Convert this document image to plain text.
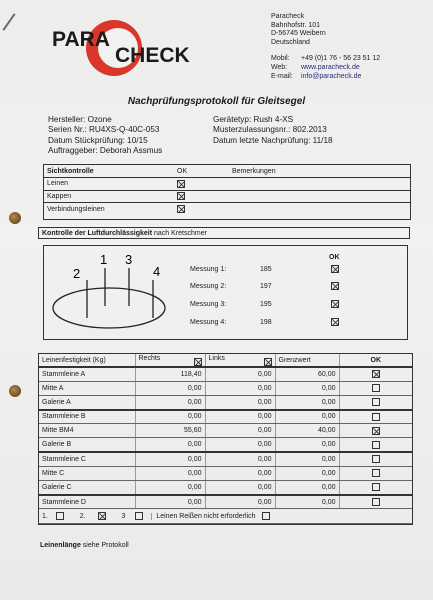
PARA
CHECK
Paracheck
Bahnhofstr. 101
D-56745 Weibern
Deutschland
Mobil: +49 (0)1 76 - 56 23 51 12
Web: www.paracheck.de
E-mail: info@paracheck.de
Nachprüfungsprotokoll für Gleitsegel
Hersteller: Ozone
Serien Nr.: RU4XS-Q-40C-053
Datum Stückprüfung: 10/15
Auftraggeber: Deborah Assmus
Gerätetyp: Rush 4-XS
Musterzulassungsnr.: 802.2013
Datum letzte Nachprüfung: 11/18
Sichtkontrolle	OK	Bemerkungen
Leinen		
Kappen		
Verbindungsleinen		
Kontrolle der Luftdurchlässigkeit nach Kretschmer
2
1 3
4
OK
Messung 1:	185
Messung 2:	197
Messung 3:	195
Messung 4:	198
Leinenfestigkeit (Kg)	Rechts	Links	Grenzwert	OK
Stammleine A	118,40	0,00	60,00	
Mitte A	0,00	0,00	0,00	
Galerie A	0,00	0,00	0,00	
Stammleine B	0,00	0,00	0,00	
Mitte BM4	55,60	0,00	40,00	
Galerie B	0,00	0,00	0,00	
Stammleine C	0,00	0,00	0,00	
Mitte C	0,00	0,00	0,00	
Galerie C	0,00	0,00	0,00	
Stammleine D	0,00	0,00	0,00	
1. 2. 3 Leinen Reißen nicht erforderlich				
Leinenlänge siehe Protokoll
